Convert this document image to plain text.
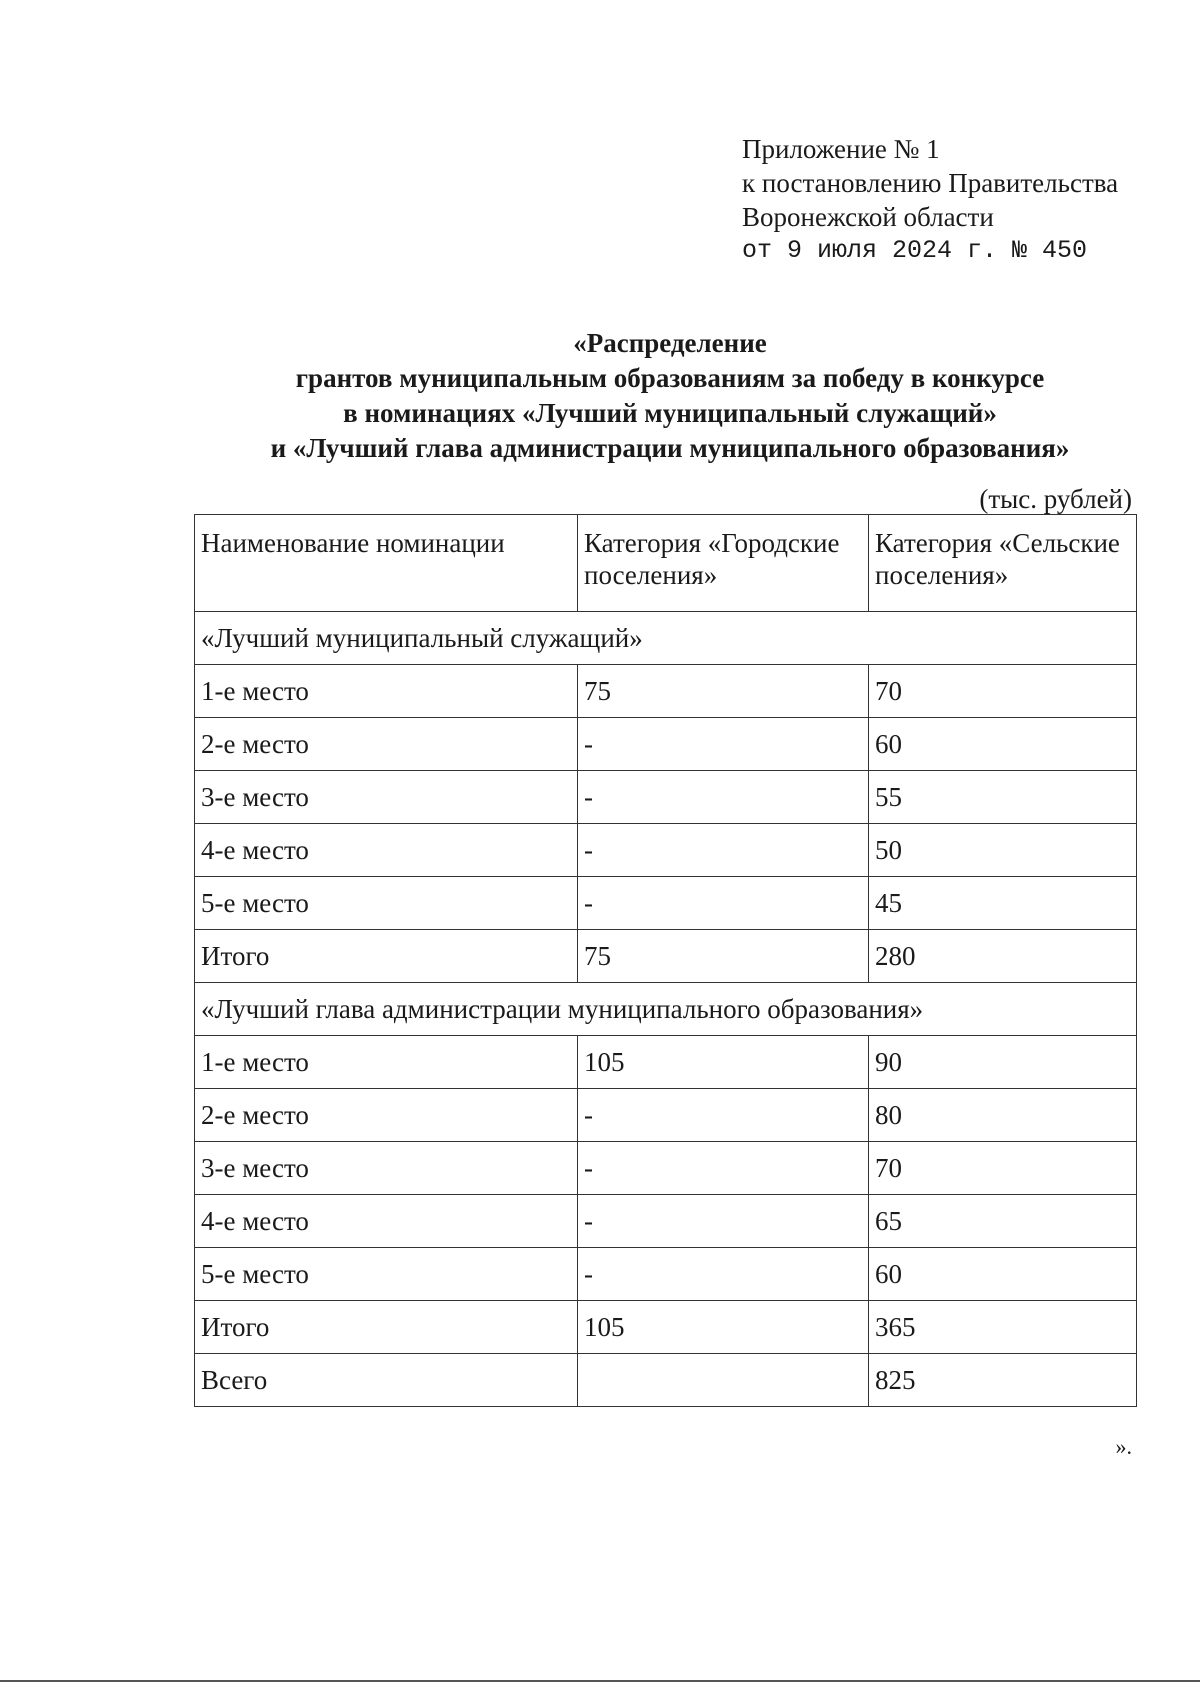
Приложение № 1
к постановлению Правительства
Воронежской области
от 9 июля 2024 г. № 450
«Распределение
грантов муниципальным образованиям за победу в конкурсе
в номинациях «Лучший муниципальный служащий»
и «Лучший глава администрации муниципального образования»
(тыс. рублей)
Наименование номинации	Категория «Городские поселения»	Категория «Сельские поселения»
«Лучший муниципальный служащий»		
1-е место	75	70
2-е место	-	60
3-е место	-	55
4-е место	-	50
5-е место	-	45
Итого	75	280
«Лучший глава администрации муниципального образования»		
1-е место	105	90
2-е место	-	80
3-е место	-	70
4-е место	-	65
5-е место	-	60
Итого	105	365
Всего		825
».
